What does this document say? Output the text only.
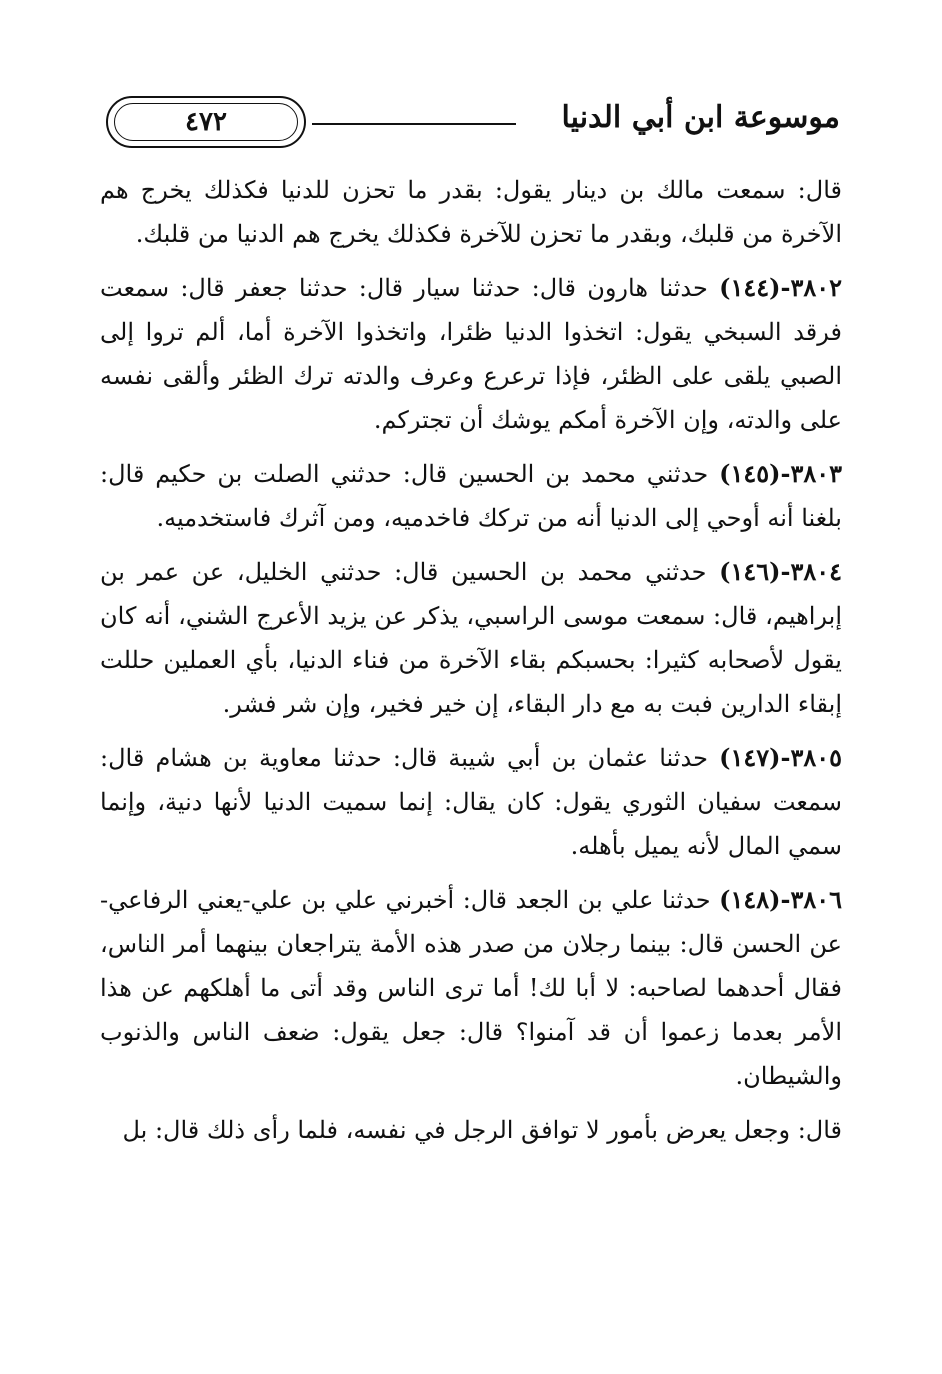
موسوعة ابن أبي الدنيا
٤٧٢

قال: سمعت مالك بن دينار يقول: بقدر ما تحزن للدنيا فكذلك يخرج هم الآخرة من قلبك، وبقدر ما تحزن للآخرة فكذلك يخرج هم الدنيا من قلبك.

٣٨٠٢-(١٤٤) حدثنا هارون قال: حدثنا سيار قال: حدثنا جعفر قال: سمعت فرقد السبخي يقول: اتخذوا الدنيا ظئرا، واتخذوا الآخرة أما، ألم تروا إلى الصبي يلقى على الظئر، فإذا ترعرع وعرف والدته ترك الظئر وألقى نفسه على والدته، وإن الآخرة أمكم يوشك أن تجتركم.

٣٨٠٣-(١٤٥) حدثني محمد بن الحسين قال: حدثني الصلت بن حكيم قال: بلغنا أنه أوحي إلى الدنيا أنه من تركك فاخدميه، ومن آثرك فاستخدميه.

٣٨٠٤-(١٤٦) حدثني محمد بن الحسين قال: حدثني الخليل، عن عمر بن إبراهيم، قال: سمعت موسى الراسبي، يذكر عن يزيد الأعرج الشني، أنه كان يقول لأصحابه كثيرا: بحسبكم بقاء الآخرة من فناء الدنيا، بأي العملين حللت إبقاء الدارين فبت به مع دار البقاء، إن خير فخير، وإن شر فشر.

٣٨٠٥-(١٤٧) حدثنا عثمان بن أبي شيبة قال: حدثنا معاوية بن هشام قال: سمعت سفيان الثوري يقول: كان يقال: إنما سميت الدنيا لأنها دنية، وإنما سمي المال لأنه يميل بأهله.

٣٨٠٦-(١٤٨) حدثنا علي بن الجعد قال: أخبرني علي بن علي-يعني الرفاعي-عن الحسن قال: بينما رجلان من صدر هذه الأمة يتراجعان بينهما أمر الناس، فقال أحدهما لصاحبه: لا أبا لك! أما ترى الناس وقد أتى ما أهلكهم عن هذا الأمر بعدما زعموا أن قد آمنوا؟ قال: جعل يقول: ضعف الناس والذنوب والشيطان.

قال: وجعل يعرض بأمور لا توافق الرجل في نفسه، فلما رأى ذلك قال: بل
